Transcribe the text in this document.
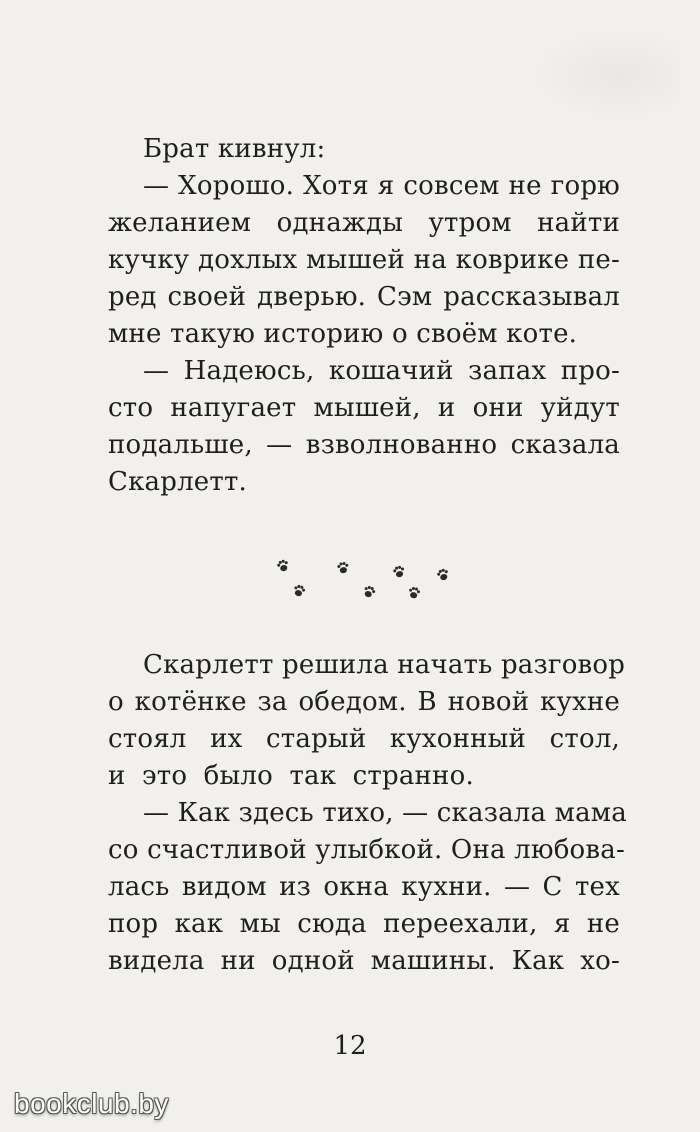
Брат кивнул:
— Хорошо. Хотя я совсем не горю
желанием однажды утром найти
кучку дохлых мышей на коврике пе-
ред своей дверью. Сэм рассказывал
мне такую историю о своём коте.
— Надеюсь, кошачий запах про-
сто напугает мышей, и они уйдут
подальше, — взволнованно сказала
Скарлетт.
Скарлетт решила начать разговор
о котёнке за обедом. В новой кухне
стоял их старый кухонный стол,
и это было так странно.
— Как здесь тихо, — сказала мама
со счастливой улыбкой. Она любова-
лась видом из окна кухни. — С тех
пор как мы сюда переехали, я не
видела ни одной машины. Как хо-
12
bookclub.by
